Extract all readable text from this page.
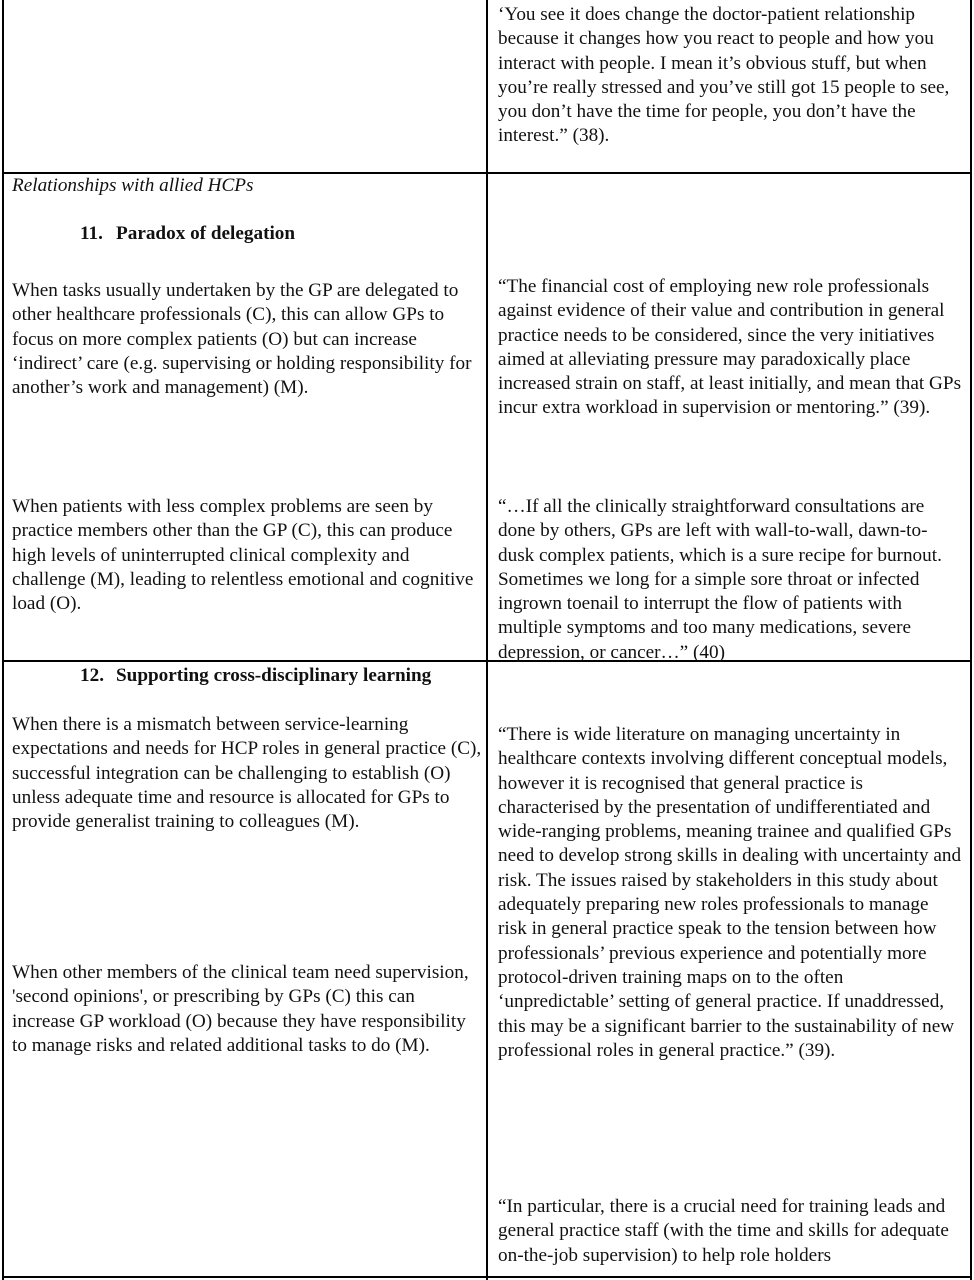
‘You see it does change the doctor-patient relationship because it changes how you react to people and how you interact with people. I mean it’s obvious stuff, but when you’re really stressed and you’ve still got 15 people to see, you don’t have the time for people, you don’t have the interest.” (38).

Relationships with allied HCPs

11. Paradox of delegation

When tasks usually undertaken by the GP are delegated to other healthcare professionals (C), this can allow GPs to focus on more complex patients (O) but can increase ‘indirect’ care (e.g. supervising or holding responsibility for another’s work and management) (M).

“The financial cost of employing new role professionals against evidence of their value and contribution in general practice needs to be considered, since the very initiatives aimed at alleviating pressure may paradoxically place increased strain on staff, at least initially, and mean that GPs incur extra workload in supervision or mentoring.” (39).

When patients with less complex problems are seen by practice members other than the GP (C), this can produce high levels of uninterrupted clinical complexity and challenge (M), leading to relentless emotional and cognitive load (O).

“…If all the clinically straightforward consultations are done by others, GPs are left with wall-to-wall, dawn-to-dusk complex patients, which is a sure recipe for burnout. Sometimes we long for a simple sore throat or infected ingrown toenail to interrupt the flow of patients with multiple symptoms and too many medications, severe depression, or cancer…” (40)

12. Supporting cross-disciplinary learning

When there is a mismatch between service-learning expectations and needs for HCP roles in general practice (C), successful integration can be challenging to establish (O) unless adequate time and resource is allocated for GPs to provide generalist training to colleagues (M).

When other members of the clinical team need supervision, 'second opinions', or prescribing by GPs (C) this can increase GP workload (O) because they have responsibility to manage risks and related additional tasks to do (M).

“There is wide literature on managing uncertainty in healthcare contexts involving different conceptual models, however it is recognised that general practice is characterised by the presentation of undifferentiated and wide-ranging problems, meaning trainee and qualified GPs need to develop strong skills in dealing with uncertainty and risk. The issues raised by stakeholders in this study about adequately preparing new roles professionals to manage risk in general practice speak to the tension between how professionals’ previous experience and potentially more protocol-driven training maps on to the often ‘unpredictable’ setting of general practice. If unaddressed, this may be a significant barrier to the sustainability of new professional roles in general practice.” (39).

“In particular, there is a crucial need for training leads and general practice staff (with the time and skills for adequate on-the-job supervision) to help role holders
